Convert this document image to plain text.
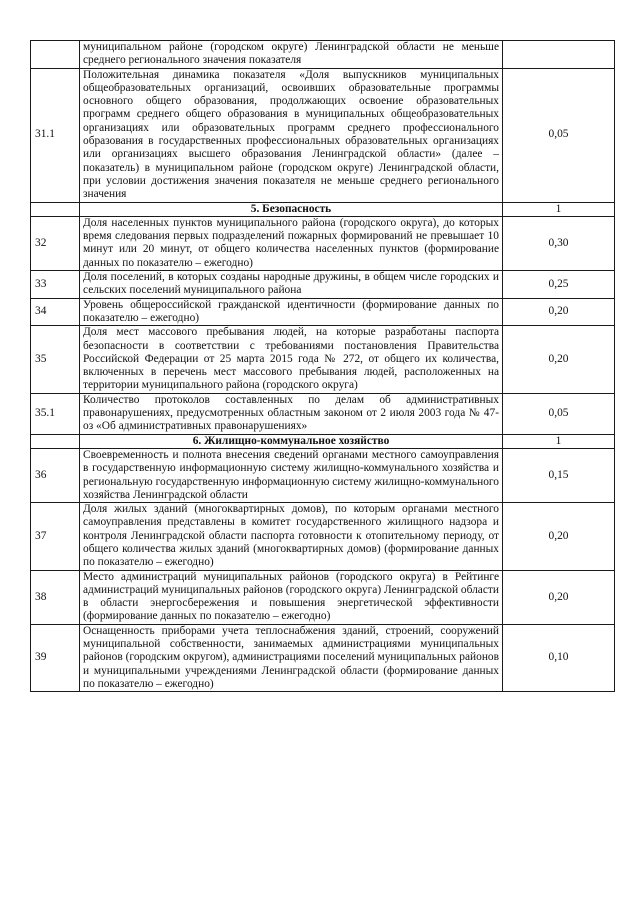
	муниципальном районе (городском округе) Ленинградской области не меньше среднего регионального значения показателя	
31.1	Положительная динамика показателя «Доля выпускников муниципальных общеобразовательных организаций, освоивших образовательные программы основного общего образования, продолжающих освоение образовательных программ среднего общего образования в муниципальных общеобразовательных организациях или образовательных программ среднего профессионального образования в государственных профессиональных образовательных организациях или организациях высшего образования Ленинградской области» (далее – показатель) в муниципальном районе (городском округе) Ленинградской области, при условии достижения значения показателя не меньше среднего регионального значения	0,05
	5. Безопасность	1
32	Доля населенных пунктов муниципального района (городского округа), до которых время следования первых подразделений пожарных формирований не превышает 10 минут или 20 минут, от общего количества населенных пунктов (формирование данных по показателю – ежегодно)	0,30
33	Доля поселений, в которых созданы народные дружины, в общем числе городских и сельских поселений муниципального района	0,25
34	Уровень общероссийской гражданской идентичности (формирование данных по показателю – ежегодно)	0,20
35	Доля мест массового пребывания людей, на которые разработаны паспорта безопасности в соответствии с требованиями постановления Правительства Российской Федерации от 25 марта 2015 года № 272, от общего их количества, включенных в перечень мест массового пребывания людей, расположенных на территории муниципального района (городского округа)	0,20
35.1	Количество протоколов составленных по делам об административных правонарушениях, предусмотренных областным законом от 2 июля 2003 года № 47-оз «Об административных правонарушениях»	0,05
	6. Жилищно-коммунальное хозяйство	1
36	Своевременность и полнота внесения сведений органами местного самоуправления в государственную информационную систему жилищно-коммунального хозяйства и региональную государственную информационную систему жилищно-коммунального хозяйства Ленинградской области	0,15
37	Доля жилых зданий (многоквартирных домов), по которым органами местного самоуправления представлены в комитет государственного жилищного надзора и контроля Ленинградской области паспорта готовности к отопительному периоду, от общего количества жилых зданий (многоквартирных домов) (формирование данных по показателю – ежегодно)	0,20
38	Место администраций муниципальных районов (городского округа) в Рейтинге администраций муниципальных районов (городского округа) Ленинградской области в области энергосбережения и повышения энергетической эффективности (формирование данных по показателю – ежегодно)	0,20
39	Оснащенность приборами учета теплоснабжения зданий, строений, сооружений муниципальной собственности, занимаемых администрациями муниципальных районов (городским округом), администрациями поселений муниципальных районов и муниципальными учреждениями Ленинградской области (формирование данных по показателю – ежегодно)	0,10
